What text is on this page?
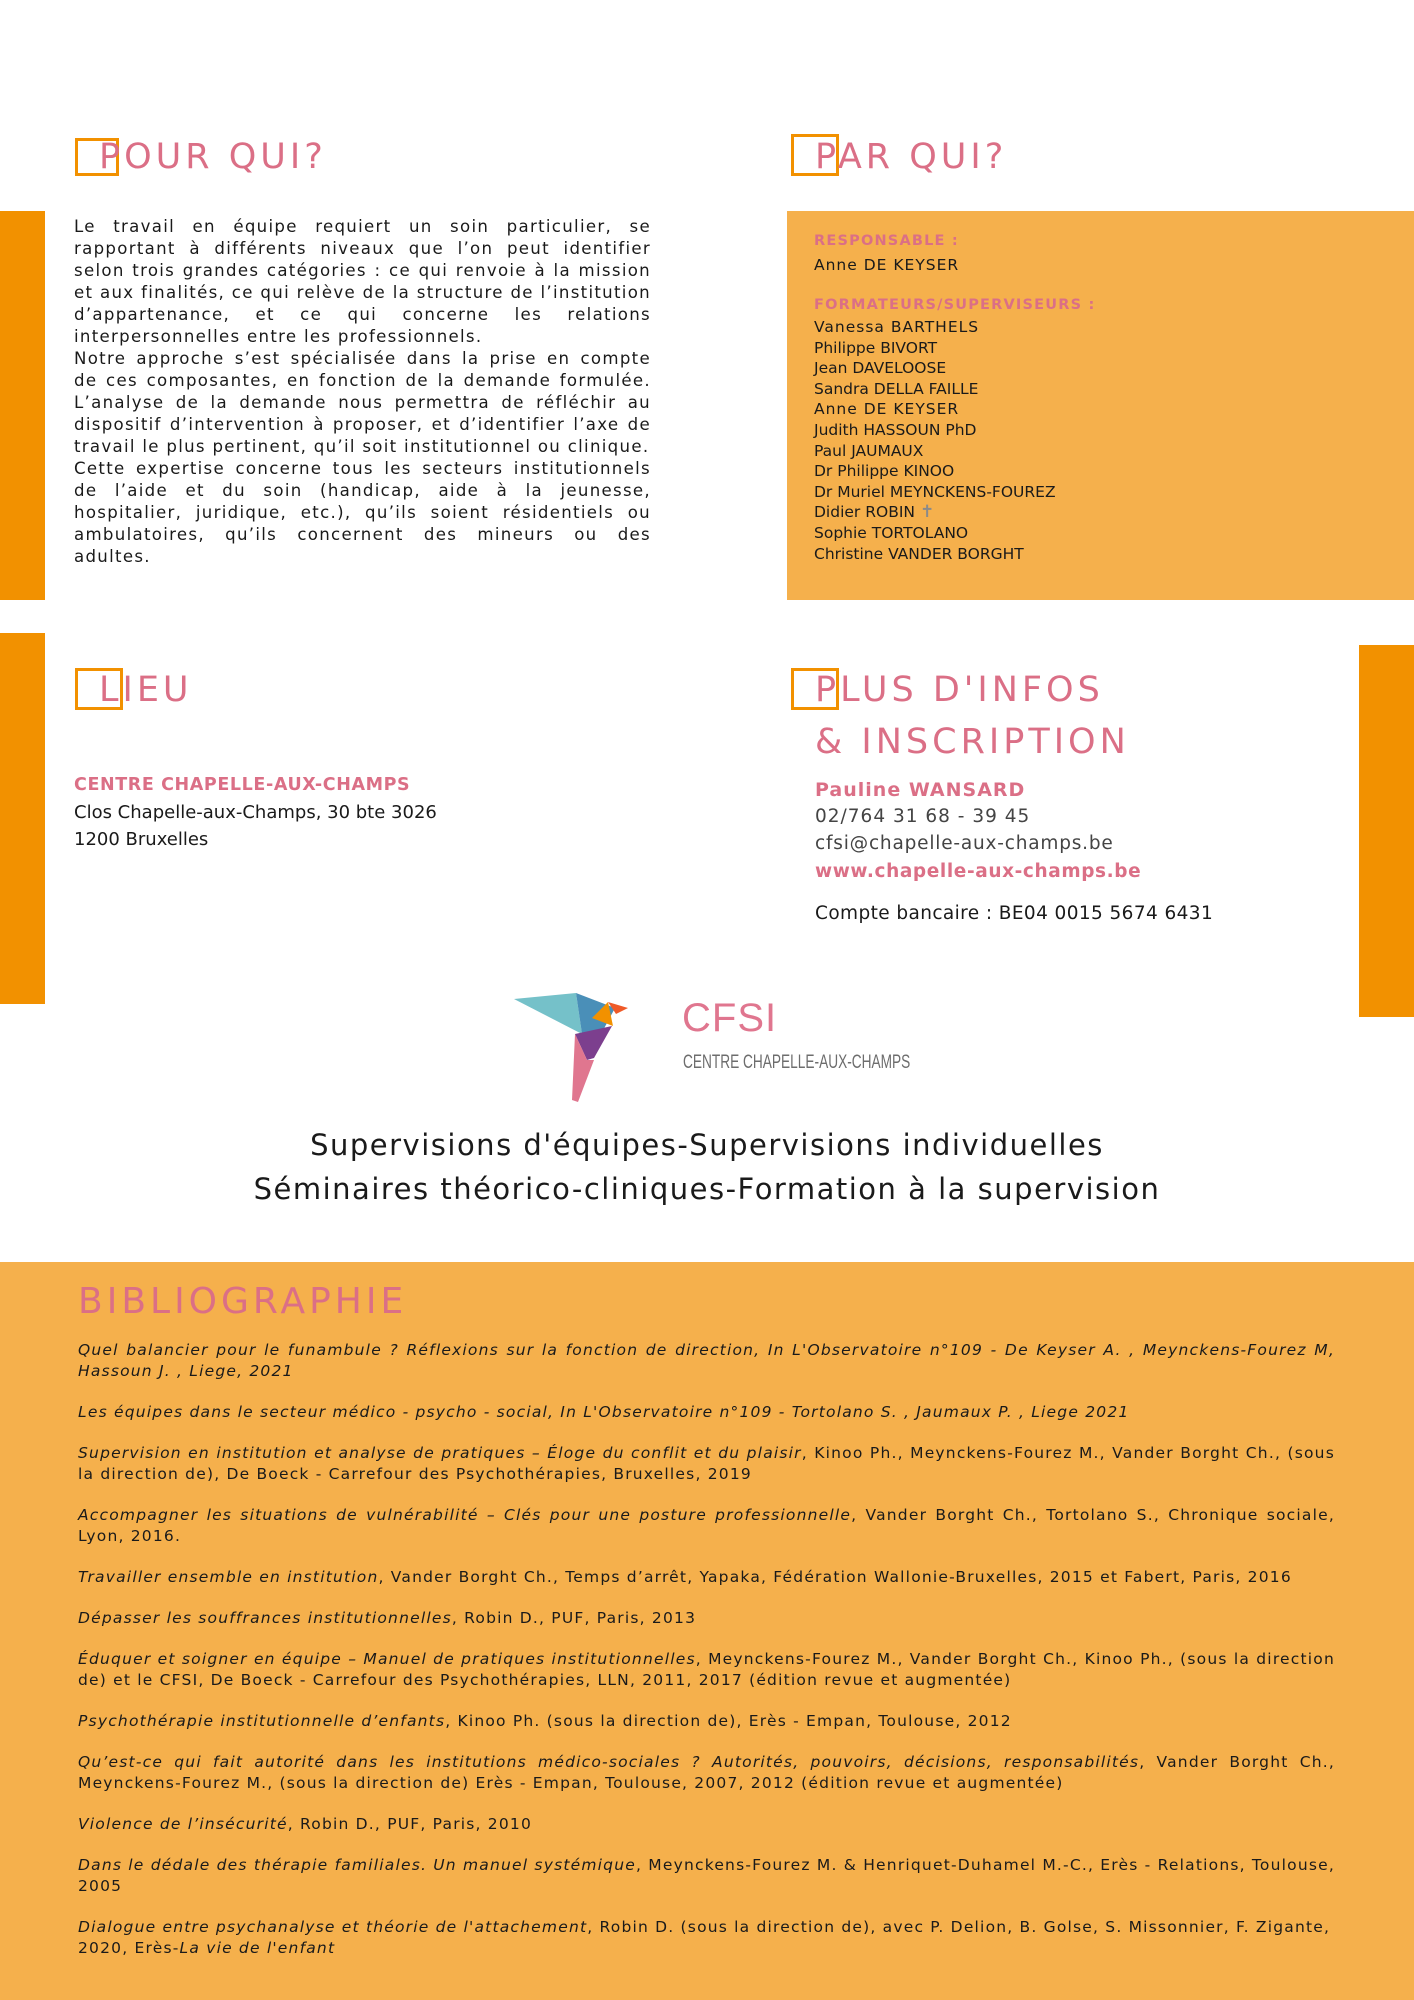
POUR QUI?

Le travail en équipe requiert un soin particulier, se rapportant à différents niveaux que l’on peut identifier selon trois grandes catégories : ce qui renvoie à la mission et aux finalités, ce qui relève de la structure de l’institution d’appartenance, et ce qui concerne les relations interpersonnelles entre les professionnels.

Notre approche s’est spécialisée dans la prise en compte de ces composantes, en fonction de la demande formulée. L’analyse de la demande nous permettra de réfléchir au dispositif d’intervention à proposer, et d’identifier l’axe de travail le plus pertinent, qu’il soit institutionnel ou clinique.

Cette expertise concerne tous les secteurs institutionnels de l’aide et du soin (handicap, aide à la jeunesse, hospitalier, juridique, etc.), qu’ils soient résidentiels ou ambulatoires, qu’ils concernent des mineurs ou des adultes.

PAR QUI?
RESPONSABLE :
Anne DE KEYSER
FORMATEURS/SUPERVISEURS :
Vanessa BARTHELS
Philippe BIVORT
Jean DAVELOOSE
Sandra DELLA FAILLE
Anne DE KEYSER
Judith HASSOUN PhD
Paul JAUMAUX
Dr Philippe KINOO
Dr Muriel MEYNCKENS-FOUREZ
Didier ROBIN ✝
Sophie TORTOLANO
Christine VANDER BORGHT
LIEU
CENTRE CHAPELLE-AUX-CHAMPS
Clos Chapelle-aux-Champs, 30 bte 3026
1200 Bruxelles
PLUS D'INFOS
& INSCRIPTION
Pauline WANSARD
02/764 31 68 - 39 45
cfsi@chapelle-aux-champs.be
www.chapelle-aux-champs.be
Compte bancaire : BE04 0015 5674 6431
CFSI
CENTRE CHAPELLE-AUX-CHAMPS
Supervisions d'équipes-Supervisions individuelles
Séminaires théorico-cliniques-Formation à la supervision
BIBLIOGRAPHIE

Quel balancier pour le funambule ? Réflexions sur la fonction de direction, In L'Observatoire n°109 - De Keyser A. , Meynckens-Fourez M, Hassoun J. , Liege, 2021

Les équipes dans le secteur médico - psycho - social, In L'Observatoire n°109 - Tortolano S. , Jaumaux P. , Liege 2021

Supervision en institution et analyse de pratiques – Éloge du conflit et du plaisir, Kinoo Ph., Meynckens-Fourez M., Vander Borght Ch., (sous la direction de), De Boeck - Carrefour des Psychothérapies, Bruxelles, 2019

Accompagner les situations de vulnérabilité – Clés pour une posture professionnelle, Vander Borght Ch., Tortolano S., Chronique sociale, Lyon, 2016.

Travailler ensemble en institution, Vander Borght Ch., Temps d’arrêt, Yapaka, Fédération Wallonie-Bruxelles, 2015 et Fabert, Paris, 2016

Dépasser les souffrances institutionnelles, Robin D., PUF, Paris, 2013

Éduquer et soigner en équipe – Manuel de pratiques institutionnelles, Meynckens-Fourez M., Vander Borght Ch., Kinoo Ph., (sous la direction de) et le CFSI, De Boeck - Carrefour des Psychothérapies, LLN, 2011, 2017 (édition revue et augmentée)

Psychothérapie institutionnelle d’enfants, Kinoo Ph. (sous la direction de), Erès - Empan, Toulouse, 2012

Qu’est-ce qui fait autorité dans les institutions médico-sociales ? Autorités, pouvoirs, décisions, responsabilités, Vander Borght Ch., Meynckens-Fourez M., (sous la direction de) Erès - Empan, Toulouse, 2007, 2012 (édition revue et augmentée)

Violence de l’insécurité, Robin D., PUF, Paris, 2010

Dans le dédale des thérapie familiales. Un manuel systémique, Meynckens-Fourez M. & Henriquet-Duhamel M.-C., Erès - Relations, Toulouse, 2005

Dialogue entre psychanalyse et théorie de l'attachement, Robin D. (sous la direction de), avec P. Delion, B. Golse, S. Missonnier, F. Zigante, 2020, Erès-La vie de l'enfant
